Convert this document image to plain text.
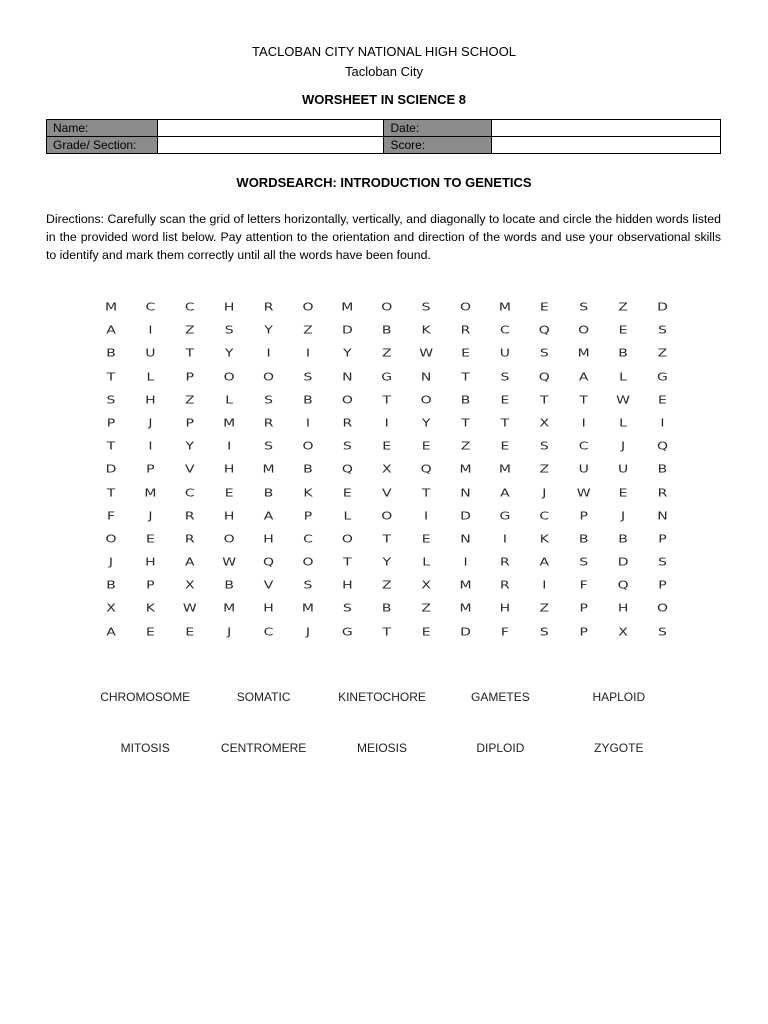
TACLOBAN CITY NATIONAL HIGH SCHOOL
Tacloban City
WORSHEET IN SCIENCE 8
Name:		Date:	
Grade/ Section:		Score:	
WORDSEARCH: INTRODUCTION TO GENETICS
Directions: Carefully scan the grid of letters horizontally, vertically, and diagonally to locate and circle the hidden words listed in the provided word list below. Pay attention to the orientation and direction of the words and use your observational skills to identify and mark them correctly until all the words have been found.
M	C	C	H	R	O	M	O	S	O	M	E	S	Z	D
A	I	Z	S	Y	Z	D	B	K	R	C	Q	O	E	S
B	U	T	Y	I	I	Y	Z	W	E	U	S	M	B	Z
T	L	P	O	O	S	N	G	N	T	S	Q	A	L	G
S	H	Z	L	S	B	O	T	O	B	E	T	T	W	E
P	J	P	M	R	I	R	I	Y	T	T	X	I	L	I
T	I	Y	I	S	O	S	E	E	Z	E	S	C	J	Q
D	P	V	H	M	B	Q	X	Q	M	M	Z	U	U	B
T	M	C	E	B	K	E	V	T	N	A	J	W	E	R
F	J	R	H	A	P	L	O	I	D	G	C	P	J	N
O	E	R	O	H	C	O	T	E	N	I	K	B	B	P
J	H	A	W	Q	O	T	Y	L	I	R	A	S	D	S
B	P	X	B	V	S	H	Z	X	M	R	I	F	Q	P
X	K	W	M	H	M	S	B	Z	M	H	Z	P	H	O
A	E	E	J	C	J	G	T	E	D	F	S	P	X	S
CHROMOSOME	SOMATIC	KINETOCHORE	GAMETES	HAPLOID
MITOSIS	CENTROMERE	MEIOSIS	DIPLOID	ZYGOTE
